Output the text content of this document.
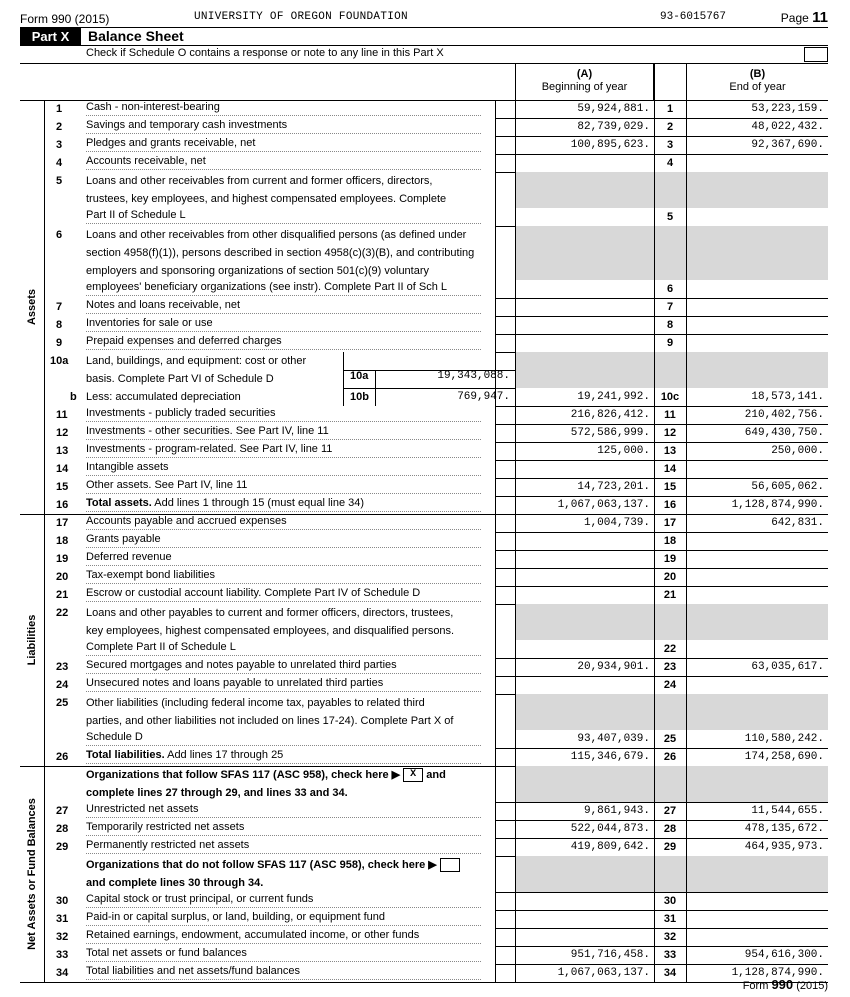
Form 990 (2015)	UNIVERSITY OF OREGON FOUNDATION	93-6015767	Page 11
Part X	Balance Sheet
Check if Schedule O contains a response or note to any line in this Part X
(A)
Beginning of year
(B)
End of year
1 Cash - non-interest-bearing	59,924,881.	1	53,223,159.
2 Savings and temporary cash investments	82,739,029.	2	48,022,432.
3 Pledges and grants receivable, net	100,895,623.	3	92,367,690.
4 Accounts receivable, net	4
5 Loans and other receivables from current and former officers, directors,
trustees, key employees, and highest compensated employees. Complete
Part II of Schedule L	5
6 Loans and other receivables from other disqualified persons (as defined under
section 4958(f)(1)), persons described in section 4958(c)(3)(B), and contributing
employers and sponsoring organizations of section 501(c)(9) voluntary
employees' beneficiary organizations (see instr). Complete Part II of Sch L	6
7 Notes and loans receivable, net	7
8 Inventories for sale or use	8
9 Prepaid expenses and deferred charges	9
10a Land, buildings, and equipment: cost or other
basis. Complete Part VI of Schedule D	10a	19,343,088.
b Less: accumulated depreciation	10b	769,947.	19,241,992. 10c	18,573,141.
11 Investments - publicly traded securities	216,826,412.	11	210,402,756.
12 Investments - other securities. See Part IV, line 11	572,586,999.	12	649,430,750.
13 Investments - program-related. See Part IV, line 11	125,000.	13	250,000.
14 Intangible assets	14
15 Other assets. See Part IV, line 11	14,723,201.	15	56,605,062.
16 Total assets. Add lines 1 through 15 (must equal line 34)	1,067,063,137.	16	1,128,874,990.
17 Accounts payable and accrued expenses	1,004,739.	17	642,831.
18 Grants payable	18
19 Deferred revenue	19
20 Tax-exempt bond liabilities	20
21 Escrow or custodial account liability. Complete Part IV of Schedule D	21
22 Loans and other payables to current and former officers, directors, trustees,
key employees, highest compensated employees, and disqualified persons.
Complete Part II of Schedule L	22
23 Secured mortgages and notes payable to unrelated third parties	20,934,901.	23	63,035,617.
24 Unsecured notes and loans payable to unrelated third parties	24
25 Other liabilities (including federal income tax, payables to related third
parties, and other liabilities not included on lines 17-24). Complete Part X of
Schedule D	93,407,039.	25	110,580,242.
26 Total liabilities. Add lines 17 through 25	115,346,679.	26	174,258,690.
Organizations that follow SFAS 117 (ASC 958), check here ▶ X and
complete lines 27 through 29, and lines 33 and 34.
27 Unrestricted net assets	9,861,943.	27	11,544,655.
28 Temporarily restricted net assets	522,044,873.	28	478,135,672.
29 Permanently restricted net assets	419,809,642.	29	464,935,973.
Organizations that do not follow SFAS 117 (ASC 958), check here ▶
and complete lines 30 through 34.
30 Capital stock or trust principal, or current funds	30
31 Paid-in or capital surplus, or land, building, or equipment fund	31
32 Retained earnings, endowment, accumulated income, or other funds	32
33 Total net assets or fund balances	951,716,458.	33	954,616,300.
34 Total liabilities and net assets/fund balances	1,067,063,137.	34	1,128,874,990.
Assets
Liabilities
Net Assets or Fund Balances
Form 990 (2015)
